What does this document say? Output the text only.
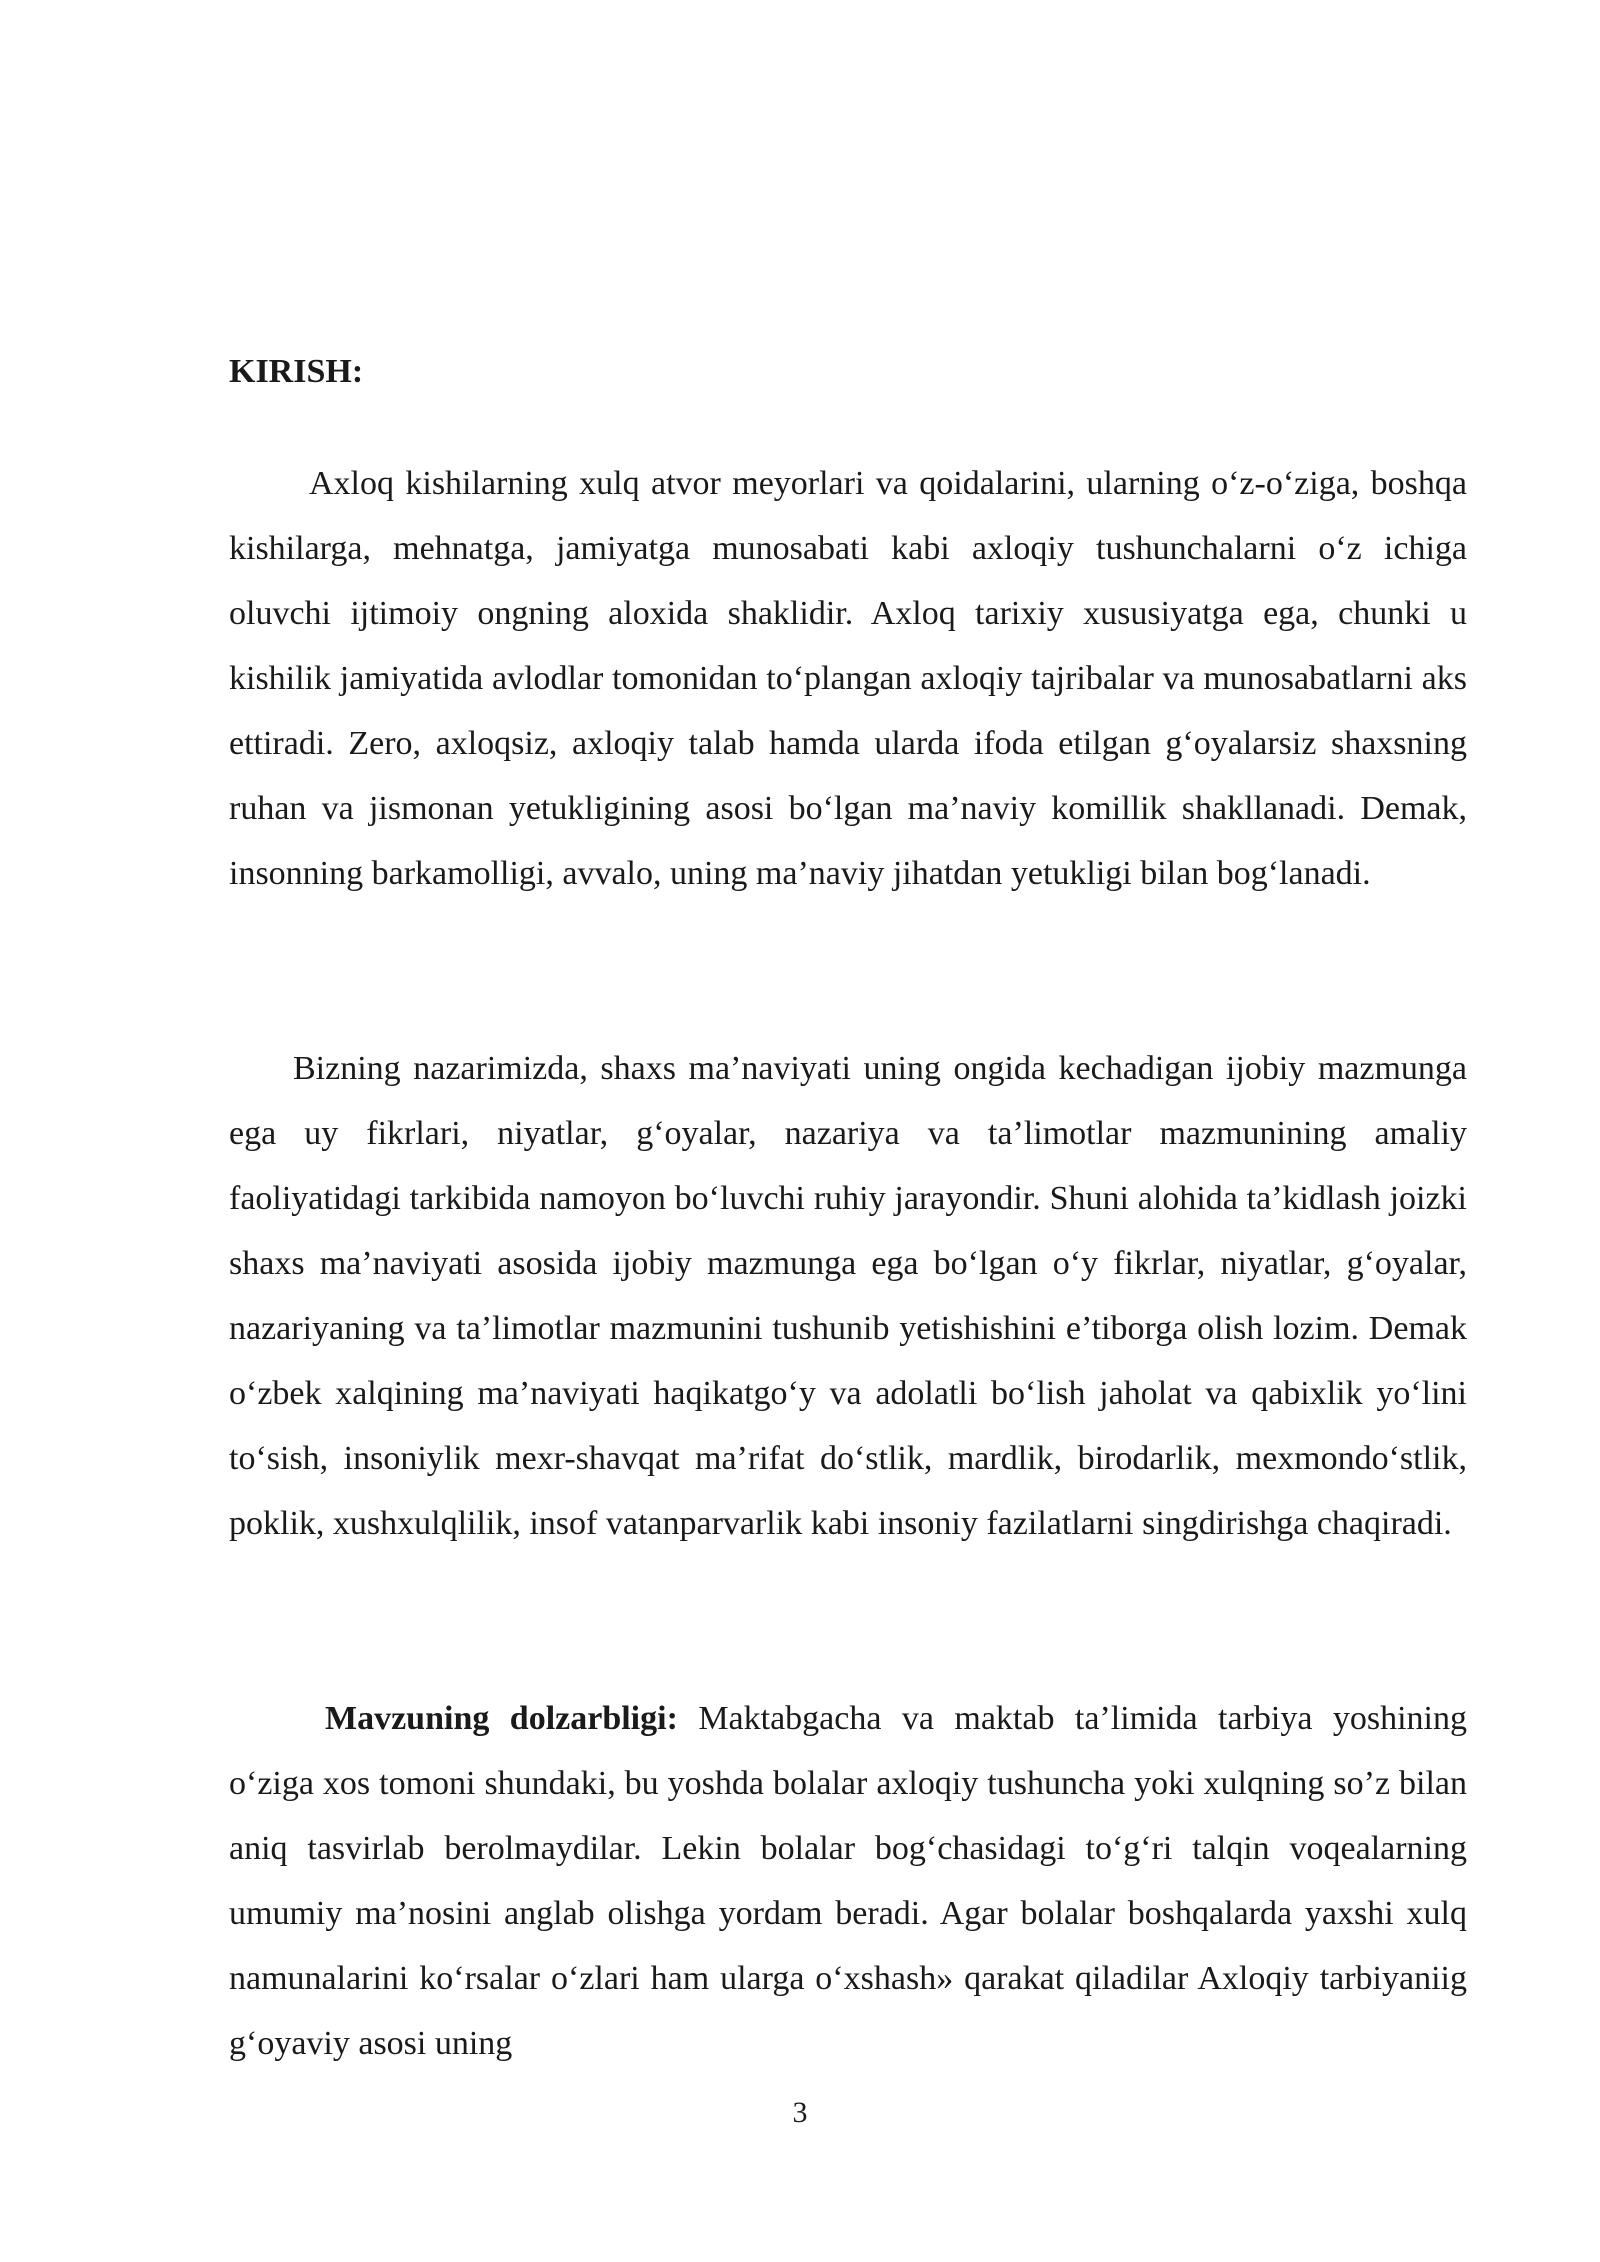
KIRISH:

Axloq kishilarning xulq atvor meyorlari va qoidalarini, ularning o‘z-o‘ziga, boshqa kishilarga, mehnatga, jamiyatga munosabati kabi axloqiy tushunchalarni o‘z ichiga oluvchi ijtimoiy ongning aloxida shaklidir. Axloq tarixiy xususiyatga ega, chunki u kishilik jamiyatida avlodlar tomonidan to‘plangan axloqiy tajribalar va munosabatlarni aks ettiradi. Zero, axloqsiz, axloqiy talab hamda ularda ifoda etilgan g‘oyalarsiz shaxsning ruhan va jismonan yetukligining asosi bo‘lgan ma’naviy komillik shakllanadi. Demak, insonning barkamolligi, avvalo, uning ma’naviy jihatdan yetukligi bilan bog‘lanadi.

Bizning nazarimizda, shaxs ma’naviyati uning ongida kechadigan ijobiy mazmunga ega uy fikrlari, niyatlar, g‘oyalar, nazariya va ta’limotlar mazmunining amaliy faoliyatidagi tarkibida namoyon bo‘luvchi ruhiy jarayondir. Shuni alohida ta’kidlash joizki shaxs ma’naviyati asosida ijobiy mazmunga ega bo‘lgan o‘y fikrlar, niyatlar, g‘oyalar, nazariyaning va ta’limotlar mazmunini tushunib yetishishini e’tiborga olish lozim. Demak o‘zbek xalqining ma’naviyati haqikatgo‘y va adolatli bo‘lish jaholat va qabixlik yo‘lini to‘sish, insoniylik mexr-shavqat ma’rifat do‘stlik, mardlik, birodarlik, mexmondo‘stlik, poklik, xushxulqlilik, insof vatanparvarlik kabi insoniy fazilatlarni singdirishga chaqiradi.

Mavzuning dolzarbligi: Maktabgacha va maktab ta’limida tarbiya yoshining o‘ziga xos tomoni shundaki, bu yoshda bolalar axloqiy tushuncha yoki xulqning so’z bilan aniq tasvirlab berolmaydilar. Lekin bolalar bog‘chasidagi to‘g‘ri talqin voqealarning umumiy ma’nosini anglab olishga yordam beradi. Agar bolalar boshqalarda yaxshi xulq namunalarini ko‘rsalar o‘zlari ham ularga o‘xshash» qarakat qiladilar Axloqiy tarbiyaniig g‘oyaviy asosi uning

3
